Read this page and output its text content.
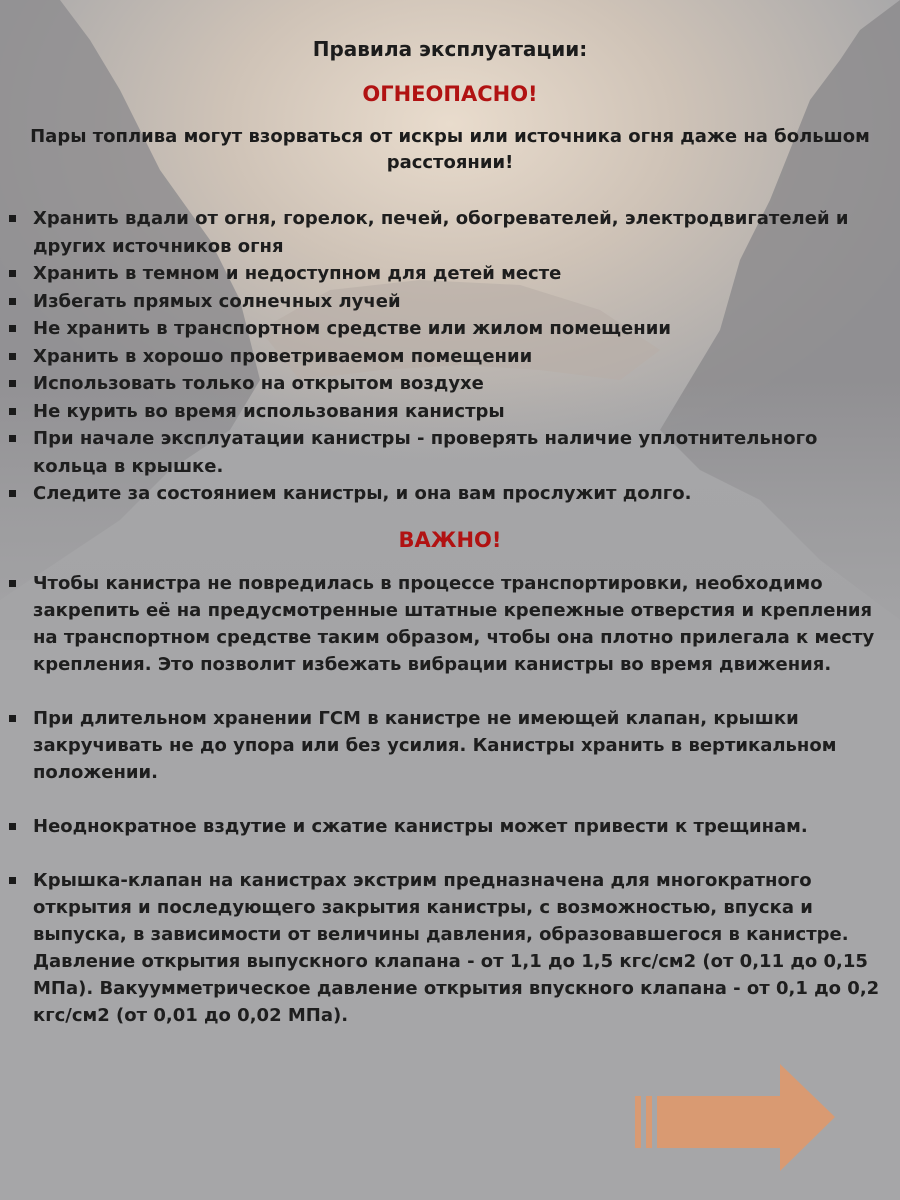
Правила эксплуатации:

ОГНЕОПАСНО!

Пары топлива могут взорваться от искры или источника огня даже на большом расстоянии!

Хранить вдали от огня, горелок, печей, обогревателей, электродвигателей и других источников огня
Хранить в темном и недоступном для детей месте
Избегать прямых солнечных лучей
Не хранить в транспортном средстве или жилом помещении
Хранить в хорошо проветриваемом помещении
Использовать только на открытом воздухе
Не курить во время использования канистры
При начале эксплуатации канистры - проверять наличие уплотнительного кольца в крышке.
Следите за состоянием канистры, и она вам прослужит долго.

ВАЖНО!

Чтобы канистра не повредилась в процессе транспортировки, необходимо закрепить её на предусмотренные штатные крепежные отверстия и крепления на транспортном средстве таким образом, чтобы она плотно прилегала к месту крепления. Это позволит избежать вибрации канистры во время движения.
При длительном хранении ГСМ в канистре не имеющей клапан, крышки закручивать не до упора или без усилия. Канистры хранить в вертикальном положении.
Неоднократное вздутие и сжатие канистры может привести к трещинам.
Крышка-клапан на канистрах экстрим предназначена для многократного открытия и последующего закрытия канистры, с возможностью, впуска и выпуска, в зависимости от величины давления, образовавшегося в канистре. Давление открытия выпускного клапана - от 1,1 до 1,5 кгс/см2 (от 0,11 до 0,15 МПа). Вакуумметрическое давление открытия впускного клапана - от 0,1 до 0,2 кгс/см2 (от 0,01 до 0,02 МПа).
